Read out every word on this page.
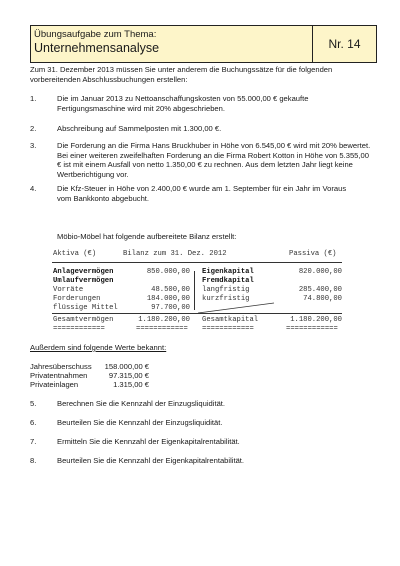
Übungsaufgabe zum Thema:
Unternehmensanalyse	Nr. 14
Zum 31. Dezember 2013 müssen Sie unter anderem die Buchungssätze für die folgenden vorbereitenden Abschlussbuchungen erstellen:
1.	Die im Januar 2013 zu Nettoanschaffungskosten von 55.000,00 € gekaufte Fertigungsmaschine wird mit 20% abgeschrieben.
2.	Abschreibung auf Sammelposten mit 1.300,00 €.
3.	Die Forderung an die Firma Hans Bruckhuber in Höhe von 6.545,00 € wird mit 20% bewertet. Bei einer weiteren zweifelhaften Forderung an die Firma Robert Kotton in Höhe von 5.355,00 € ist mit einem Ausfall von netto 1.350,00 € zu rechnen. Aus dem letzten Jahr liegt keine Wertberichtigung vor.
4.	Die Kfz-Steuer in Höhe von 2.400,00 € wurde am 1. September für ein Jahr im Voraus vom Bankkonto abgebucht.
Möbio-Möbel hat folgende aufbereitete Bilanz erstellt:
Aktiva (€)	Bilanz zum 31. Dez. 2012	Passiva (€)
Anlagevermögen	850.000,00 Eigenkapital	820.000,00
Umlaufvermögen	Fremdkapital
Vorräte	48.500,00 langfristig	285.400,00
Forderungen	184.000,00 kurzfristig	74.800,00
flüssige Mittel	97.700,00
Gesamtvermögen	1.180.200,00 Gesamtkapital	1.180.200,00
============	============ ============	============
Außerdem sind folgende Werte bekannt:
Jahresüberschuss	158.000,00 €
Privatentnahmen	97.315,00 €
Privateinlagen	1.315,00 €
5.	Berechnen Sie die Kennzahl der Einzugsliquidität.
6.	Beurteilen Sie die Kennzahl der Einzugsliquidität.
7.	Ermitteln Sie die Kennzahl der Eigenkapitalrentabilität.
8.	Beurteilen Sie die Kennzahl der Eigenkapitalrentabilität.
